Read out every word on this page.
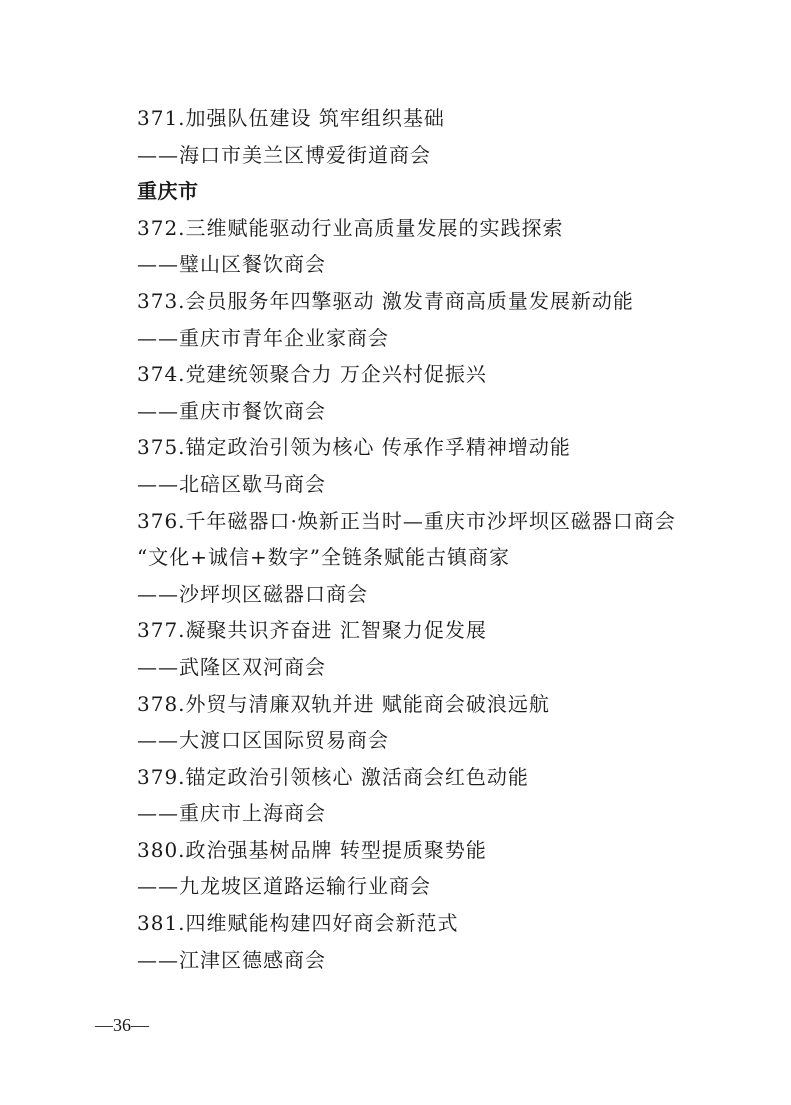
371.加强队伍建设 筑牢组织基础
——海口市美兰区博爱街道商会
重庆市
372.三维赋能驱动行业高质量发展的实践探索
——璧山区餐饮商会
373.会员服务年四擎驱动 激发青商高质量发展新动能
——重庆市青年企业家商会
374.党建统领聚合力 万企兴村促振兴
——重庆市餐饮商会
375.锚定政治引领为核心 传承作孚精神增动能
——北碚区歇马商会
376.千年磁器口·焕新正当时—重庆市沙坪坝区磁器口商会
“文化+诚信+数字”全链条赋能古镇商家
——沙坪坝区磁器口商会
377.凝聚共识齐奋进 汇智聚力促发展
——武隆区双河商会
378.外贸与清廉双轨并进 赋能商会破浪远航
——大渡口区国际贸易商会
379.锚定政治引领核心 激活商会红色动能
——重庆市上海商会
380.政治强基树品牌 转型提质聚势能
——九龙坡区道路运输行业商会
381.四维赋能构建四好商会新范式
——江津区德感商会
—36—
